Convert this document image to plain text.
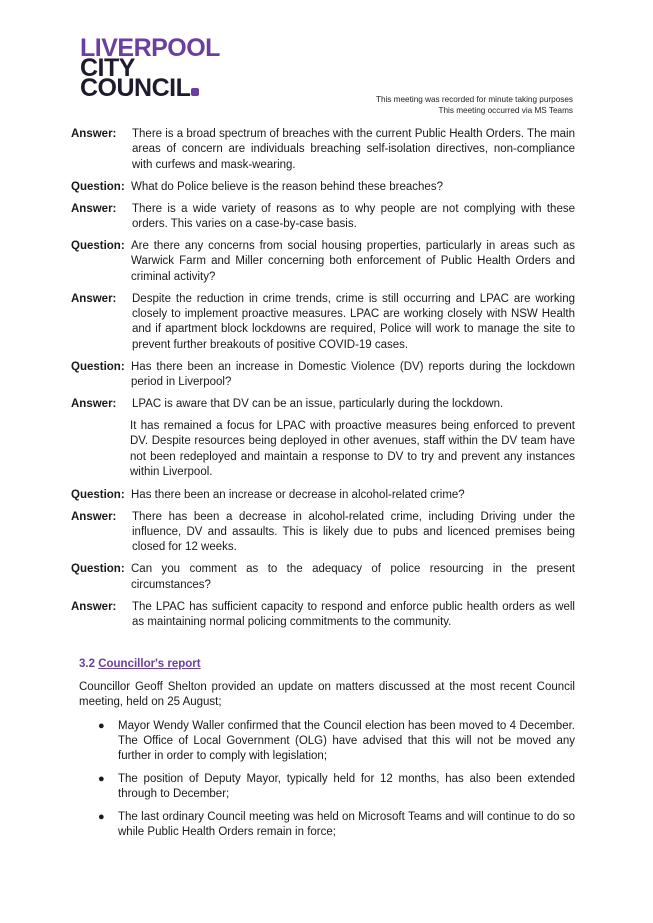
LIVERPOOL
CITY
COUNCIL	This meeting was recorded for minute taking purposes
This meeting occurred via MS Teams
Answer:	There is a broad spectrum of breaches with the current Public Health Orders. The main areas of concern are individuals breaching self-isolation directives, non-compliance with curfews and mask-wearing.
Question: What do Police believe is the reason behind these breaches?
Answer:	There is a wide variety of reasons as to why people are not complying with these orders. This varies on a case-by-case basis.
Question: Are there any concerns from social housing properties, particularly in areas such as Warwick Farm and Miller concerning both enforcement of Public Health Orders and criminal activity?
Answer:	Despite the reduction in crime trends, crime is still occurring and LPAC are working closely to implement proactive measures. LPAC are working closely with NSW Health and if apartment block lockdowns are required, Police will work to manage the site to prevent further breakouts of positive COVID-19 cases.
Question: Has there been an increase in Domestic Violence (DV) reports during the lockdown period in Liverpool?
Answer:	LPAC is aware that DV can be an issue, particularly during the lockdown.
It has remained a focus for LPAC with proactive measures being enforced to prevent DV. Despite resources being deployed in other avenues, staff within the DV team have not been redeployed and maintain a response to DV to try and prevent any instances within Liverpool.
Question: Has there been an increase or decrease in alcohol-related crime?
Answer:	There has been a decrease in alcohol-related crime, including Driving under the influence, DV and assaults. This is likely due to pubs and licenced premises being closed for 12 weeks.
Question: Can you comment as to the adequacy of police resourcing in the present circumstances?
Answer:	The LPAC has sufficient capacity to respond and enforce public health orders as well as maintaining normal policing commitments to the community.
3.2 Councillor's report
Councillor Geoff Shelton provided an update on matters discussed at the most recent Council meeting, held on 25 August;
●	Mayor Wendy Waller confirmed that the Council election has been moved to 4 December. The Office of Local Government (OLG) have advised that this will not be moved any further in order to comply with legislation;
●	The position of Deputy Mayor, typically held for 12 months, has also been extended through to December;
●	The last ordinary Council meeting was held on Microsoft Teams and will continue to do so while Public Health Orders remain in force;
